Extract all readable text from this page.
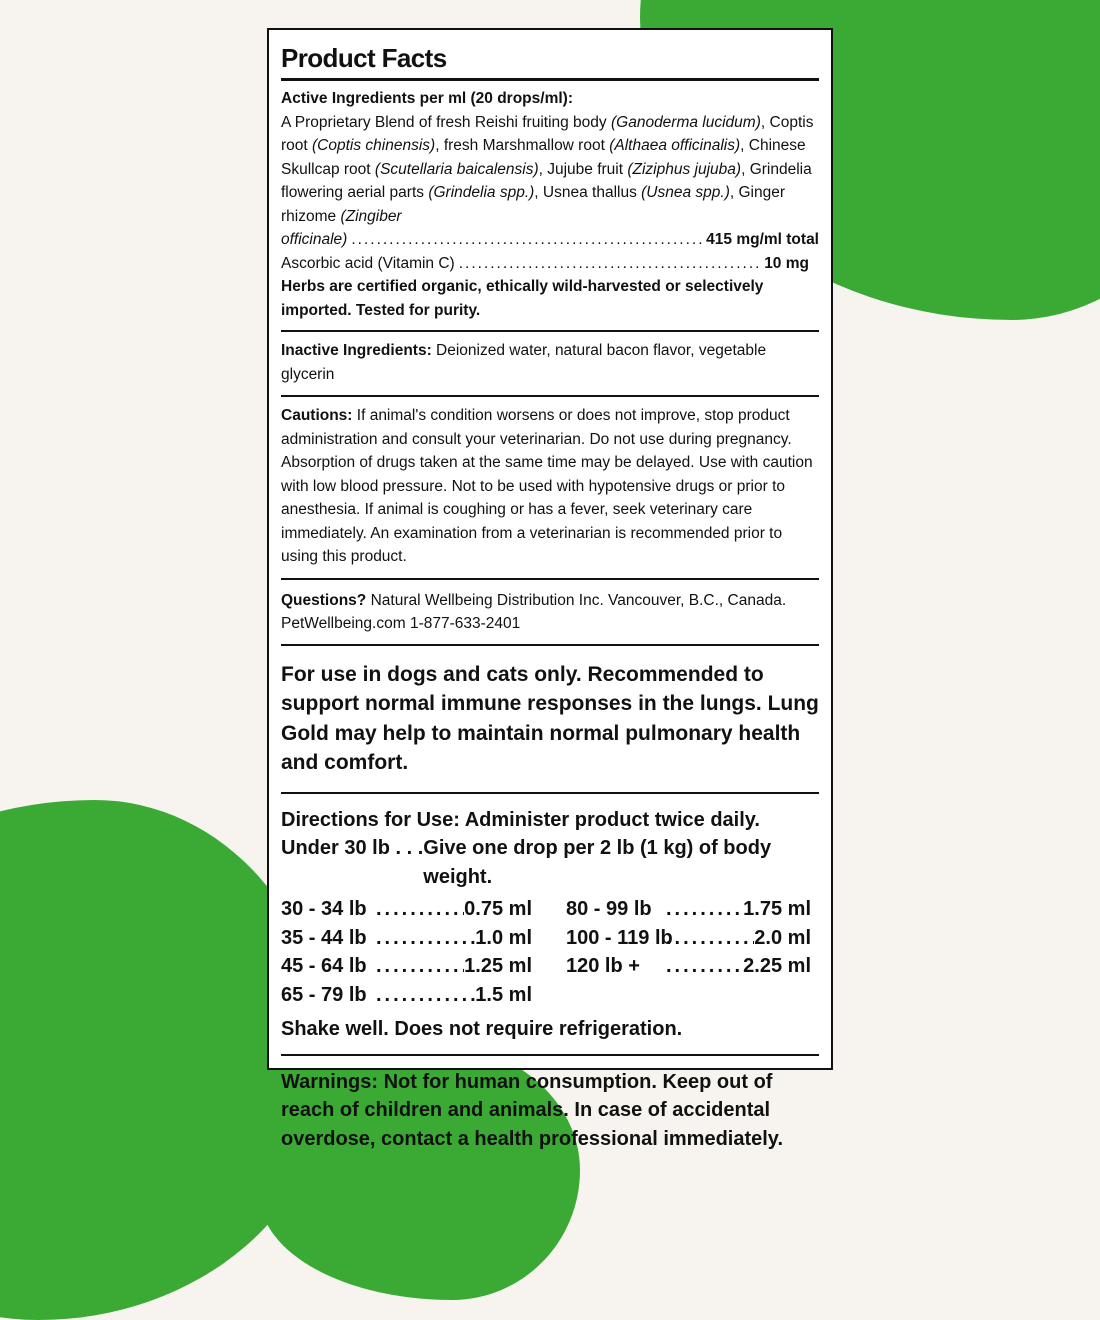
Product Facts
Active Ingredients per ml (20 drops/ml):
A Proprietary Blend of fresh Reishi fruiting body (Ganoderma lucidum), Coptis root (Coptis chinensis), fresh Marshmallow root (Althaea officinalis), Chinese Skullcap root (Scutellaria baicalensis), Jujube fruit (Ziziphus jujuba), Grindelia flowering aerial parts (Grindelia spp.), Usnea thallus (Usnea spp.), Ginger rhizome (Zingiber
officinale) .....	415 mg/ml total
Ascorbic acid (Vitamin C) .....	10 mg
Herbs are certified organic, ethically wild-harvested or selectively imported. Tested for purity.
Inactive Ingredients: Deionized water, natural bacon flavor, vegetable glycerin
Cautions: If animal's condition worsens or does not improve, stop product administration and consult your veterinarian. Do not use during pregnancy. Absorption of drugs taken at the same time may be delayed. Use with caution with low blood pressure. Not to be used with hypotensive drugs or prior to anesthesia. If animal is coughing or has a fever, seek veterinary care immediately. An examination from a veterinarian is recommended prior to using this product.
Questions? Natural Wellbeing Distribution Inc. Vancouver, B.C., Canada.
PetWellbeing.com 1-877-633-2401
For use in dogs and cats only. Recommended to support normal immune responses in the lungs. Lung Gold may help to maintain normal pulmonary health and comfort.
Directions for Use: Administer product twice daily.
Under 30 lb . . . Give one drop per 2 lb (1 kg) of body weight.
30 - 34 lb .....	0.75 ml
35 - 44 lb .....	1.0 ml
45 - 64 lb .....	1.25 ml
65 - 79 lb .....	1.5 ml
80 - 99 lb .....	1.75 ml
100 - 119 lb .....	2.0 ml
120 lb + .....	2.25 ml
Shake well. Does not require refrigeration.
Warnings: Not for human consumption. Keep out of reach of children and animals. In case of accidental overdose, contact a health professional immediately.
